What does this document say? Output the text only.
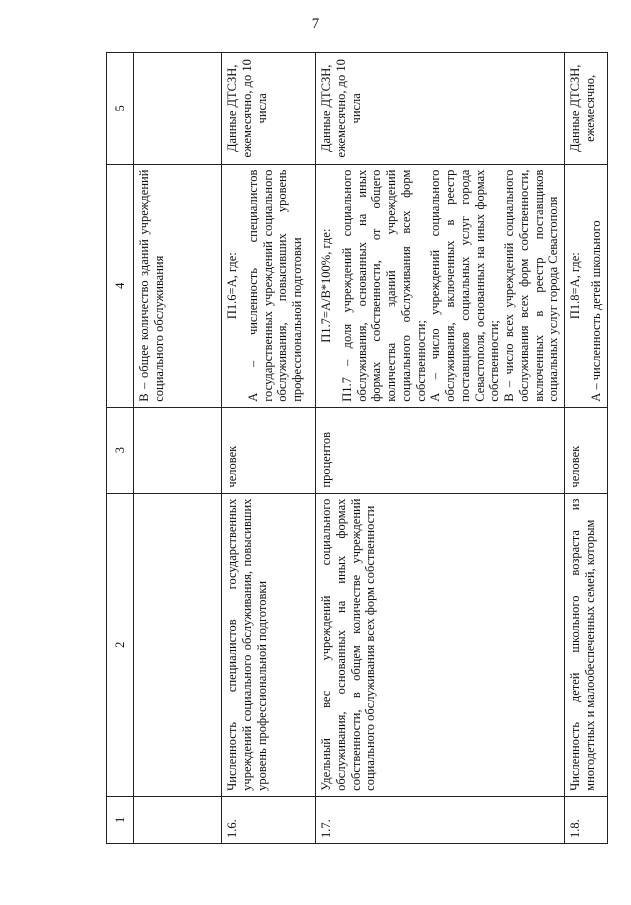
7
1	2	3	4	5

			В – общее количество зданий учреждений социального обслуживания	

1.6.	Численность специалистов государственных учреждений социального обслуживания, повысивших уровень профессиональной подготовки	человек	П1.6=А, где: А – численность специалистов государственных учреждений социального обслуживания, повысивших уровень профессиональной подготовки	Данные ДТСЗН, ежемесячно, до 10 числа
1.7.	Удельный вес учреждений социального обслуживания, основанных на иных формах собственности, в общем количестве учреждений социального обслуживания всех форм собственности	процентов	П1.7=А/В*100%, где: П1.7 – доля учреждений социального обслуживания, основанных на иных формах собственности, от общего количества зданий учреждений социального обслуживания всех форм собственности; А – число учреждений социального обслуживания, включенных в реестр поставщиков социальных услуг города Севастополя, основанных на иных формах собственности; В – число всех учреждений социального обслуживания всех форм собственности, включенных в реестр поставщиков социальных услуг города Севастополя	Данные ДТСЗН, ежемесячно, до 10 числа
1.8.	Численность детей школьного возраста из многодетных и малообеспеченных семей, которым	человек	П1.8=А, где: А – численность детей школьного	Данные ДТСЗН, ежемесячно,
